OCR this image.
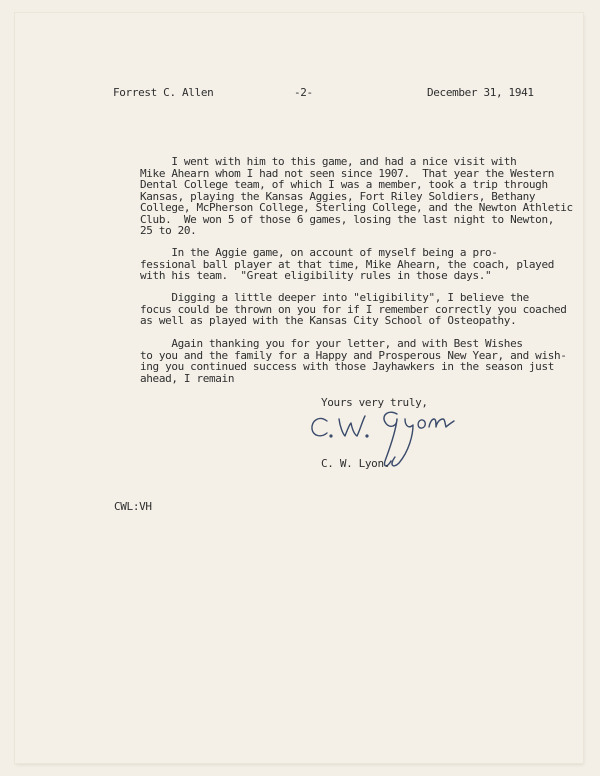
Forrest C. Allen	-2-	December 31, 1941
I went with him to this game, and had a nice visit with
Mike Ahearn whom I had not seen since 1907.  That year the Western
Dental College team, of which I was a member, took a trip through
Kansas, playing the Kansas Aggies, Fort Riley Soldiers, Bethany
College, McPherson College, Sterling College, and the Newton Athletic
Club.  We won 5 of those 6 games, losing the last night to Newton,
25 to 20.
In the Aggie game, on account of myself being a pro-
fessional ball player at that time, Mike Ahearn, the coach, played
with his team.  "Great eligibility rules in those days."
Digging a little deeper into "eligibility", I believe the
focus could be thrown on you for if I remember correctly you coached
as well as played with the Kansas City School of Osteopathy.
Again thanking you for your letter, and with Best Wishes
to you and the family for a Happy and Prosperous New Year, and wish-
ing you continued success with those Jayhawkers in the season just
ahead, I remain
Yours very truly,
C. W. Lyon.
CWL:VH
